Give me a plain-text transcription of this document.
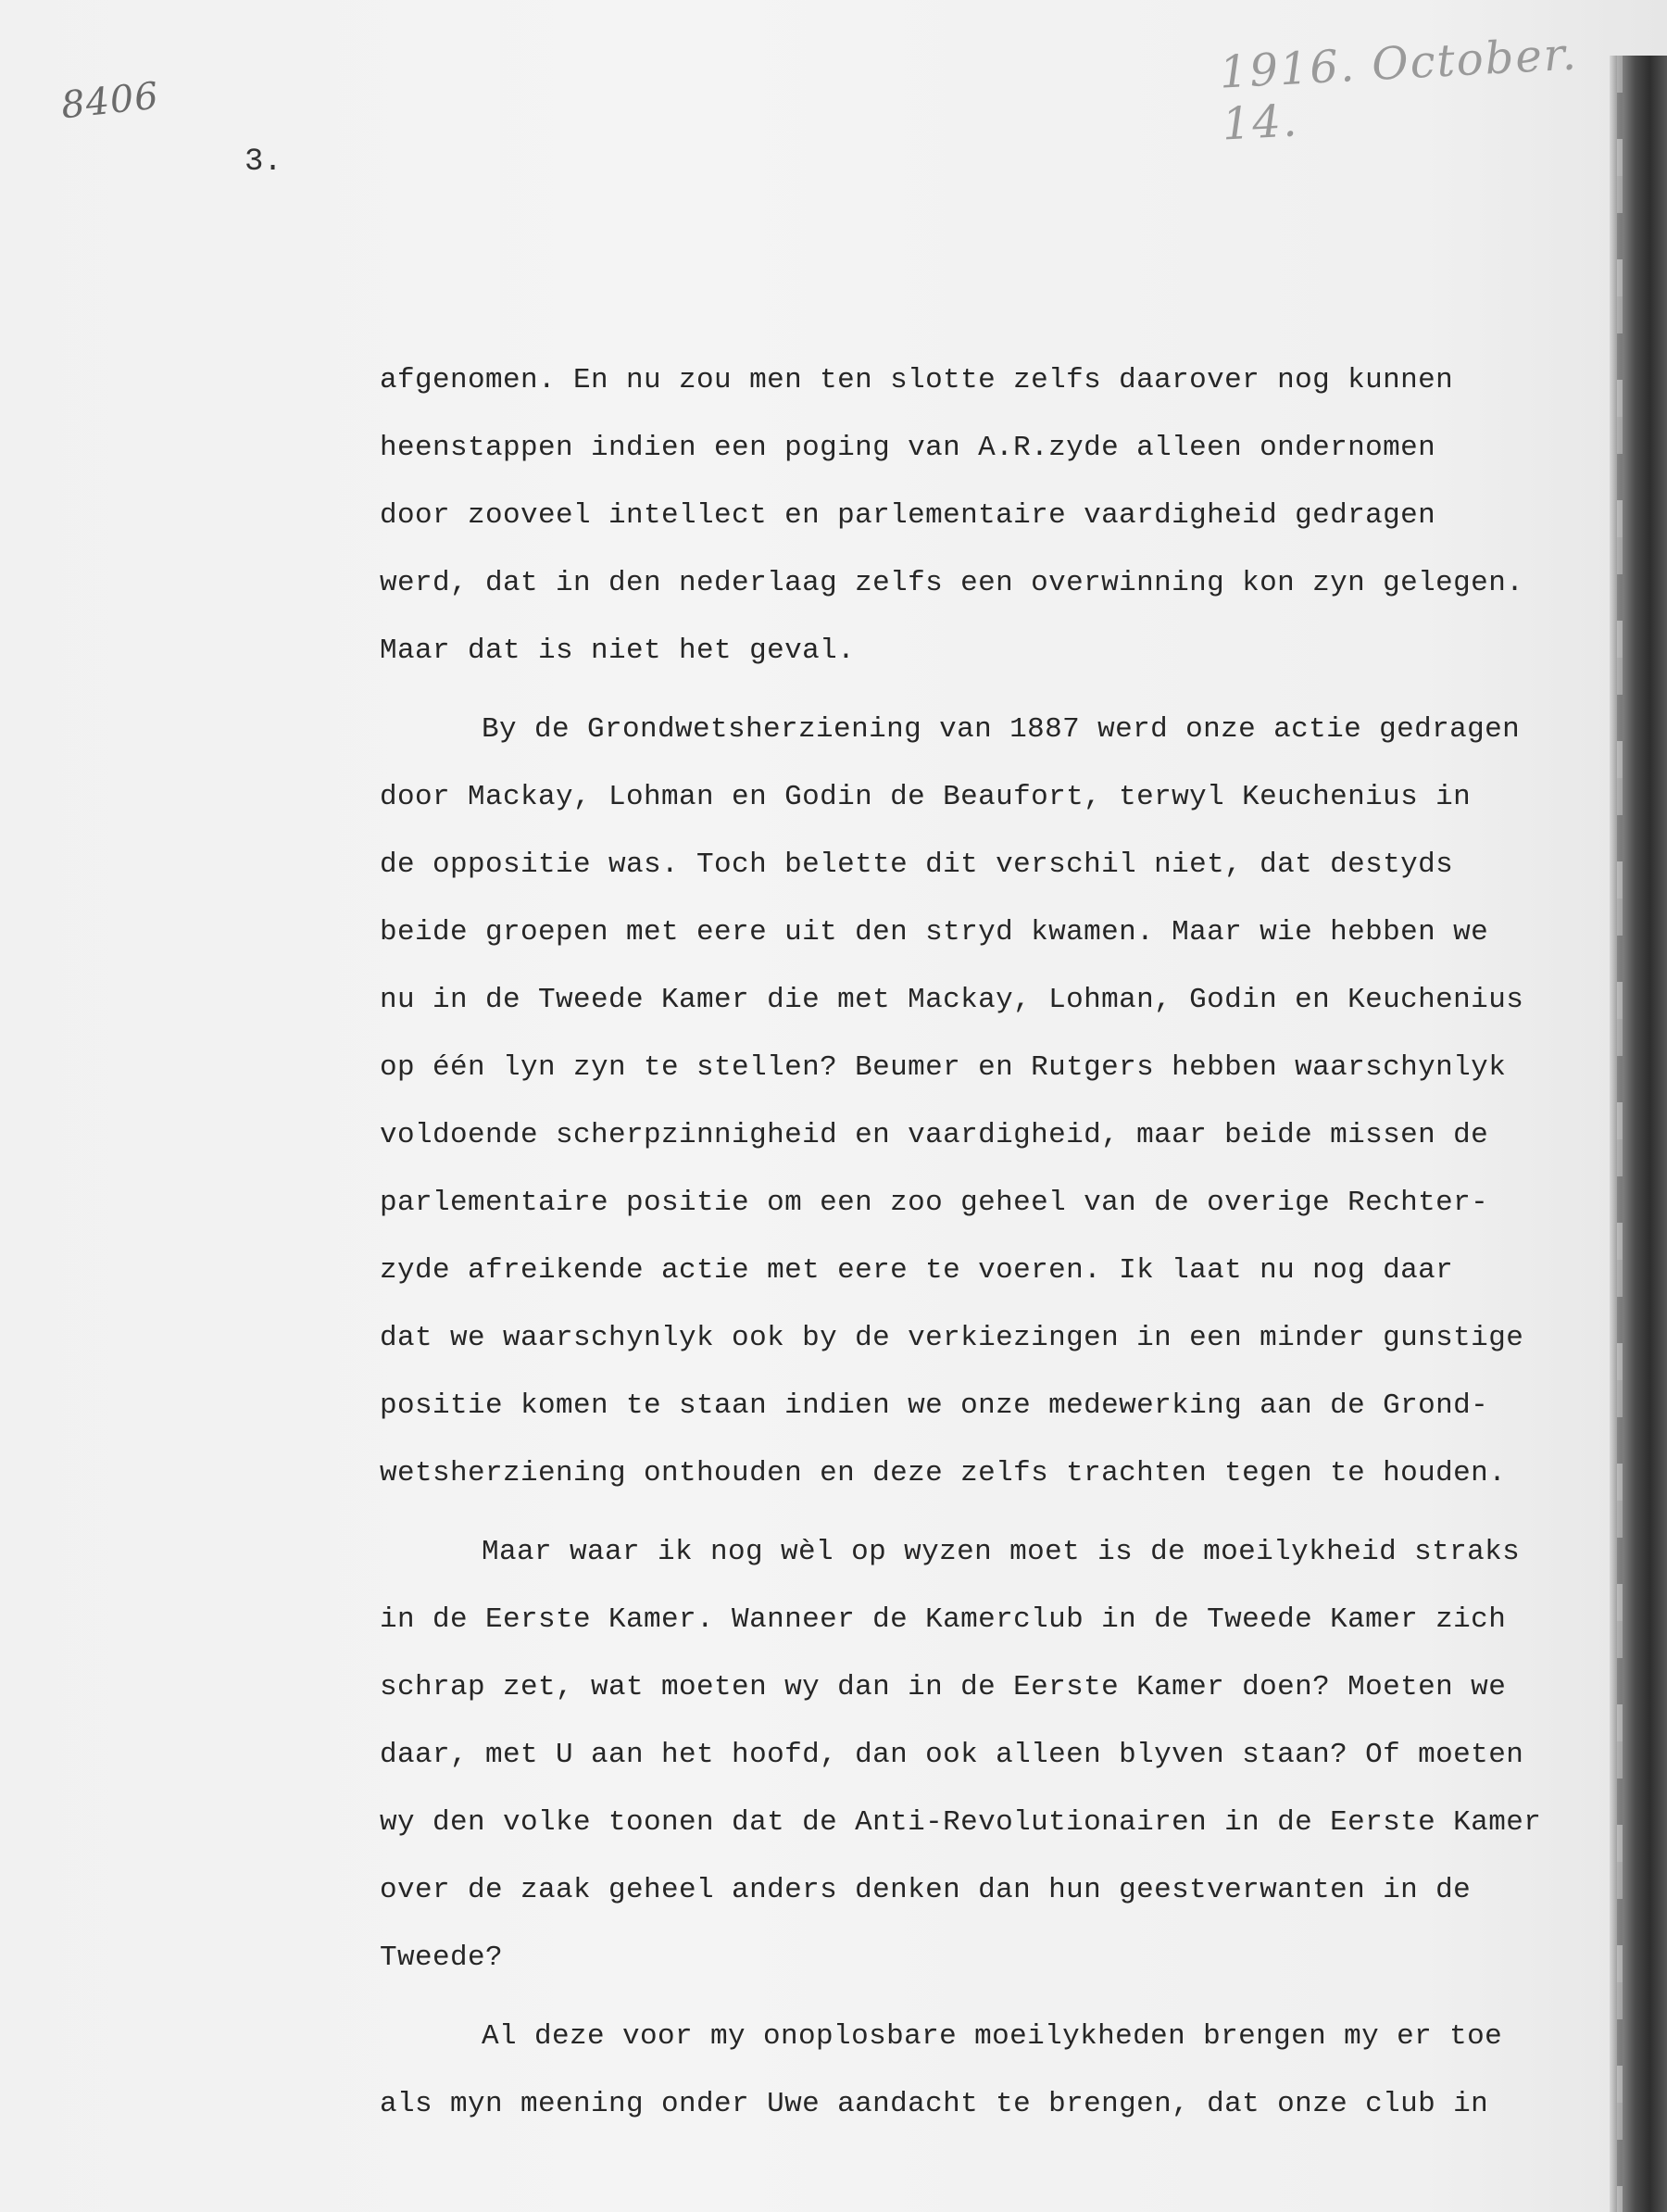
8406
1916. October. 14.
3.
afgenomen. En nu zou men ten slotte zelfs daarover nog kunnen
heenstappen indien een poging van A.R.zyde alleen ondernomen
door zooveel intellect en parlementaire vaardigheid gedragen
werd, dat in den nederlaag zelfs een overwinning kon zyn gelegen.
Maar dat is niet het geval.
By de Grondwetsherziening van 1887 werd onze actie gedragen
door Mackay, Lohman en Godin de Beaufort, terwyl Keuchenius in
de oppositie was. Toch belette dit verschil niet, dat destyds
beide groepen met eere uit den stryd kwamen. Maar wie hebben we
nu in de Tweede Kamer die met Mackay, Lohman, Godin en Keuchenius
op één lyn zyn te stellen? Beumer en Rutgers hebben waarschynlyk
voldoende scherpzinnigheid en vaardigheid, maar beide missen de
parlementaire positie om een zoo geheel van de overige Rechter-
zyde afreikende actie met eere te voeren. Ik laat nu nog daar
dat we waarschynlyk ook by de verkiezingen in een minder gunstige
positie komen te staan indien we onze medewerking aan de Grond-
wetsherziening onthouden en deze zelfs trachten tegen te houden.
Maar waar ik nog wèl op wyzen moet is de moeilykheid straks
in de Eerste Kamer. Wanneer de Kamerclub in de Tweede Kamer zich
schrap zet, wat moeten wy dan in de Eerste Kamer doen? Moeten we
daar, met U aan het hoofd, dan ook alleen blyven staan? Of moeten
wy den volke toonen dat de Anti-Revolutionairen in de Eerste Kamer
over de zaak geheel anders denken dan hun geestverwanten in de
Tweede?
Al deze voor my onoplosbare moeilykheden brengen my er toe
als myn meening onder Uwe aandacht te brengen, dat onze club in
